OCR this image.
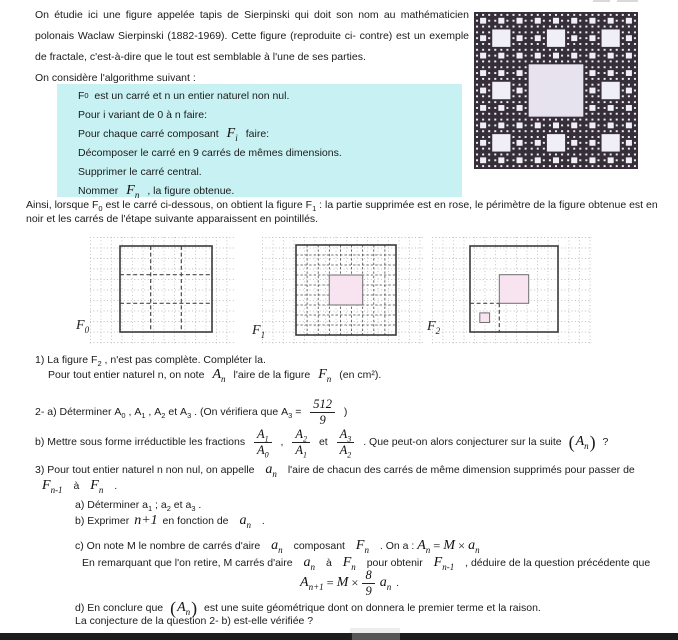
On étudie ici une figure appelée tapis de Sierpinski qui doit son nom au mathématicien polonais Waclaw Sierpinski (1882-1969). Cette figure (reproduite ci- contre) est un exemple de fractale, c'est-à-dire que le tout est semblable à l'une de ses parties.
On considère l'algorithme suivant :
F 0 est un carré et n un entier naturel non nul.
Pour i variant de 0 à n faire:
Pour chaque carré composant $F_i$ faire:
Décomposer le carré en 9 carrés de mêmes dimensions.
Supprimer le carré central.
Nommer $F_n$ , la figure obtenue.
Ainsi, lorsque $F_0$ est le carré ci-dessous, on obtient la figure $F_1$ : la partie supprimée est en rose, le périmètre de la figure obtenue est en noir et les carrés de l'étape suivante apparaissent en pointillés.
$F_0$	$F_1$
$F_2$
1) La figure $F_2$ , n'est pas complète. Compléter la.
Pour tout entier naturel n, on note $A_n$ l'aire de la figure $F_n$ (en cm²).
2- a) Déterminer $A_0$ , $A_1$ , $A_2$ et $A_3$ . (On vérifiera que $A_3 = \frac{512}{9}$ )
b) Mettre sous forme irréductible les fractions $\frac{A_1}{A_0}$ , $\frac{A_2}{A_1}$ et $\frac{A_3}{A_2}$ . Que peut-on alors conjecturer sur la suite ( $A_n$ ) ?
3) Pour tout entier naturel n non nul, on appelle $a_n$ l'aire de chacun des carrés de même dimension supprimés pour passer de
$F_{n-1}$ à $F_n$ .
a) Déterminer $a_1$ ; $a_2$ et $a_3$ .
b) Exprimer n+1 en fonction de $a_n$ .
c) On note M le nombre de carrés d'aire $a_n$ composant $F_n$ . On a : $A_n = M \times a_n$
En remarquant que l'on retire, M carrés d'aire $a_n$ à $F_n$ pour obtenir $F_{n-1}$ , déduire de la question précédente que
$A_{n+1} = M \times \frac{8}{9} a_n$ .
d) En conclure que ( $A_n$ ) est une suite géométrique dont on donnera le premier terme et la raison.
La conjecture de la question 2- b) est-elle vérifiée ?
